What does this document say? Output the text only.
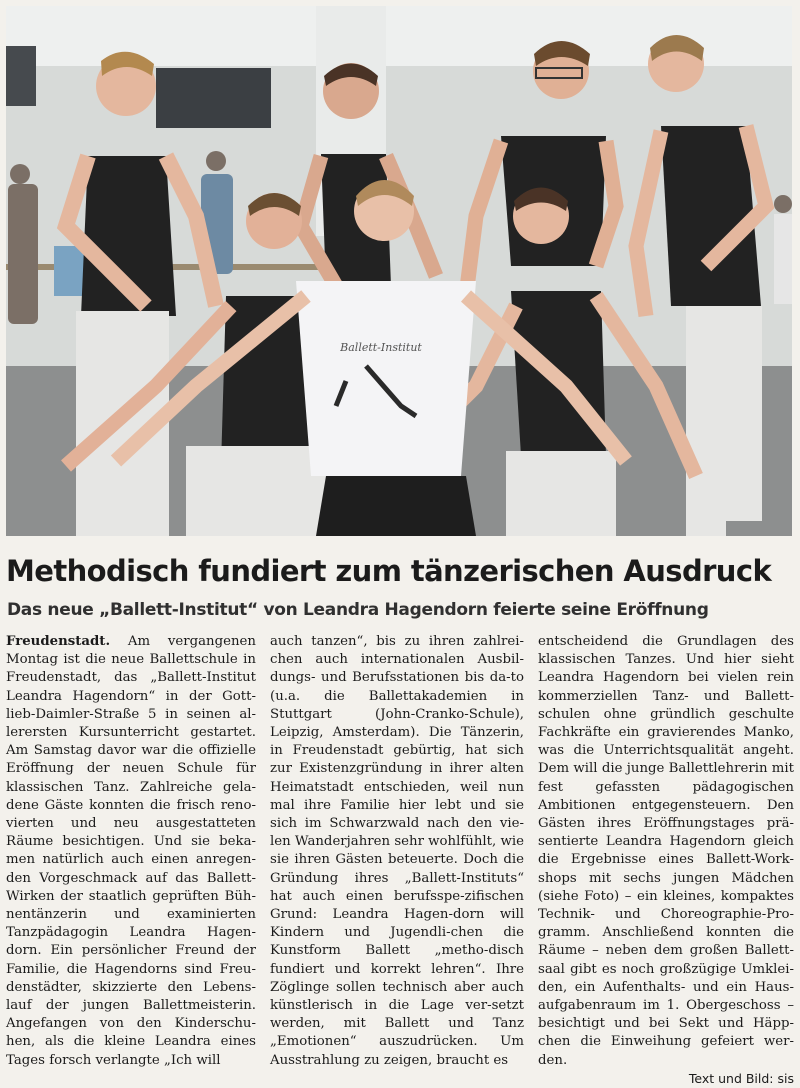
Ballett-Institut
Methodisch fundiert zum tänzerischen Ausdruck
Das neue „Ballett-Institut“ von Leandra Hagendorn feierte seine Eröffnung

Freudenstadt. Am vergangenen Montag ist die neue Ballettschule in Freudenstadt, das „Ballett-Institut Leandra Hagendorn“ in der Gott-lieb-Daimler-Straße 5 in seinen al-lerersten Kursunterricht gestartet. Am Samstag davor war die offizielle Eröffnung der neuen Schule für klassischen Tanz. Zahlreiche gela-dene Gäste konnten die frisch reno-vierten und neu ausgestatteten Räume besichtigen. Und sie beka-men natürlich auch einen anregen-den Vorgeschmack auf das Ballett-Wirken der staatlich geprüften Büh-nentänzerin und examinierten Tanzpädagogin Leandra Hagen-dorn. Ein persönlicher Freund der Familie, die Hagendorns sind Freu-denstädter, skizzierte den Lebens-lauf der jungen Ballettmeisterin. Angefangen von den Kinderschu-hen, als die kleine Leandra eines Tages forsch verlangte „Ich will

auch tanzen“, bis zu ihren zahlrei-chen auch internationalen Ausbil-dungs- und Berufsstationen bis da-to (u.a. die Ballettakademien in Stuttgart (John-Cranko-Schule), Leipzig, Amsterdam). Die Tänzerin, in Freudenstadt gebürtig, hat sich zur Existenzgründung in ihrer alten Heimatstadt entschieden, weil nun mal ihre Familie hier lebt und sie sich im Schwarzwald nach den vie-len Wanderjahren sehr wohlfühlt, wie sie ihren Gästen beteuerte. Doch die Gründung ihres „Ballett-Instituts“ hat auch einen berufsspe-zifischen Grund: Leandra Hagen-dorn will Kindern und Jugendli-chen die Kunstform Ballett „metho-disch fundiert und korrekt lehren“. Ihre Zöglinge sollen technisch aber auch künstlerisch in die Lage ver-setzt werden, mit Ballett und Tanz „Emotionen“ auszudrücken. Um Ausstrahlung zu zeigen, braucht es

entscheidend die Grundlagen des klassischen Tanzes. Und hier sieht Leandra Hagendorn bei vielen rein kommerziellen Tanz- und Ballett-schulen ohne gründlich geschulte Fachkräfte ein gravierendes Manko, was die Unterrichtsqualität angeht. Dem will die junge Ballettlehrerin mit fest gefassten pädagogischen Ambitionen entgegensteuern. Den Gästen ihres Eröffnungstages prä-sentierte Leandra Hagendorn gleich die Ergebnisse eines Ballett-Work-shops mit sechs jungen Mädchen (siehe Foto) – ein kleines, kompaktes Technik- und Choreographie-Pro-gramm. Anschließend konnten die Räume – neben dem großen Ballett-saal gibt es noch großzügige Umklei-den, ein Aufenthalts- und ein Haus-aufgabenraum im 1. Obergeschoss – besichtigt und bei Sekt und Häpp-chen die Einweihung gefeiert wer-den.

Text und Bild: sis
